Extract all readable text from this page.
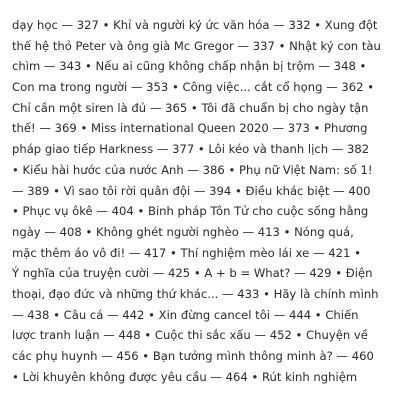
dạy học — 327 • Khỉ và người ký ức văn hóa — 332 • Xung đột
thế hệ thỏ Peter và ông già Mc Gregor — 337 • Nhật ký con tàu
chìm — 343 • Nếu ai cũng không chấp nhận bị trộm — 348 •
Con ma trong người — 353 • Công việc... cắt cổ họng — 362 •
Chỉ cần một siren là đủ — 365 • Tôi đã chuẩn bị cho ngày tận
thế! — 369 • Miss international Queen 2020 — 373 • Phương
pháp giao tiếp Harkness — 377 • Lôi kéo và thanh lịch — 382
• Kiểu hài hước của nước Anh — 386 • Phụ nữ Việt Nam: số 1!
— 389 • Vì sao tôi rời quân đội — 394 • Điều khác biệt — 400
• Phục vụ ôkê — 404 • Binh pháp Tôn Tử cho cuộc sống hằng
ngày — 408 • Không ghét người nghèo — 413 • Nóng quá,
mặc thêm áo vô đi! — 417 • Thí nghiệm mèo lái xe — 421 •
Ý nghĩa của truyện cười — 425 • A + b = What? — 429 • Điện
thoại, đạo đức và những thứ khác... — 433 • Hãy là chính mình
— 438 • Câu cá — 442 • Xin đừng cancel tôi — 444 • Chiến
lược tranh luận — 448 • Cuộc thi sắc xấu — 452 • Chuyện về
các phụ huynh — 456 • Bạn tưởng mình thông minh à? — 460
• Lời khuyên không được yêu cầu — 464 • Rút kinh nghiệm
